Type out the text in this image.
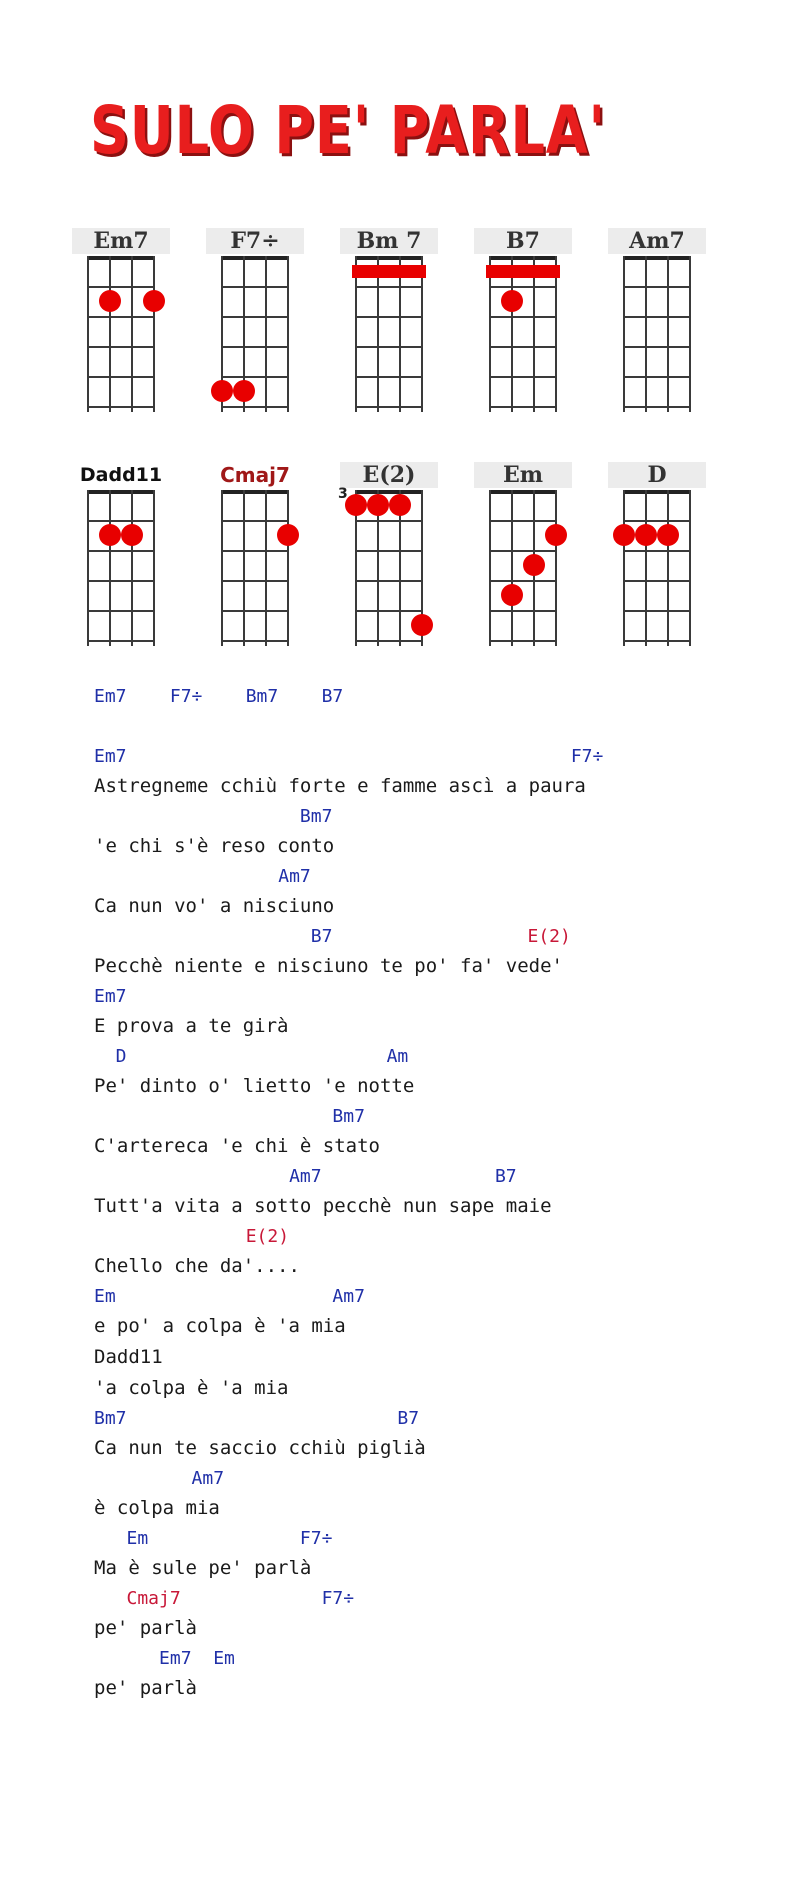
SULO PE' PARLA'
Em7	F7÷	Bm 7	B7	Am7
Dadd11	Cmaj7	E(2)
3
Em	D
Em7    F7÷    Bm7    B7
Em7                                         F7÷
Astregneme cchiù forte e famme ascì a paura
Bm7
'e chi s'è reso conto
Am7
Ca nun vo' a nisciuno
B7                  E(2)
Pecchè niente e nisciuno te po' fa' vede'
Em7
E prova a te girà
D                        Am
Pe' dinto o' lietto 'e notte
Bm7
C'artereca 'e chi è stato
Am7                B7
Tutt'a vita a sotto pecchè nun sape maie
E(2)
Chello che da'....
Em                    Am7
e po' a colpa è 'a mia
Dadd11
'a colpa è 'a mia
Bm7                         B7
Ca nun te saccio cchiù piglià
Am7
è colpa mia
Em              F7÷
Ma è sule pe' parlà
Cmaj7             F7÷
pe' parlà
Em7  Em
pe' parlà
